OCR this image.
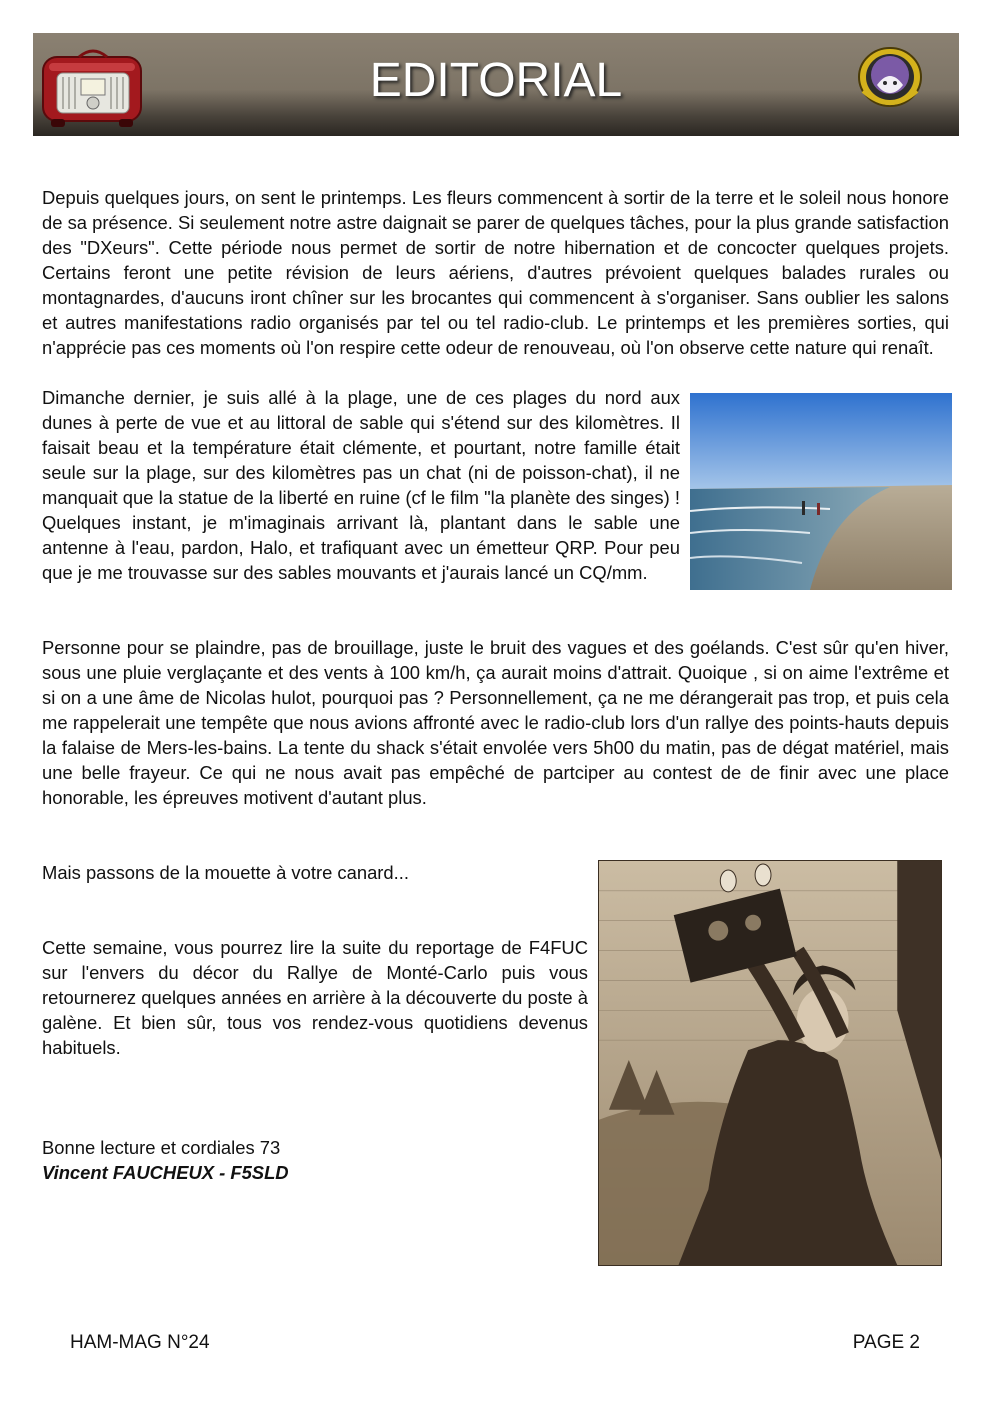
EDITORIAL

Depuis quelques jours, on sent le printemps. Les fleurs commencent à sortir de la terre et le soleil nous honore de sa présence. Si seulement notre astre daignait se parer de quelques tâches, pour la plus grande satisfaction des "DXeurs". Cette période nous permet de sortir de notre hibernation et de concocter quelques projets. Certains feront une petite révision de leurs aériens, d'autres prévoient quelques balades rurales ou montagnardes, d'aucuns iront chîner sur les brocantes qui commencent à s'organiser. Sans oublier les salons et autres manifestations radio organisés par tel ou tel radio-club. Le printemps et les premières sorties, qui n'apprécie pas ces moments où l'on respire cette odeur de renouveau, où l'on observe cette nature qui renaît.

Dimanche dernier, je suis allé à la plage, une de ces plages du nord aux dunes à perte de vue et au littoral de sable qui s'étend sur des kilomètres. Il faisait beau et la température était clémente, et pourtant, notre famille était seule sur la plage, sur des kilomètres pas un chat (ni de poisson-chat), il ne manquait que la statue de la liberté en ruine (cf le film "la planète des singes) ! Quelques instant, je m'imaginais arrivant là, plantant dans le sable une antenne à l'eau, pardon, Halo, et trafiquant avec un émetteur QRP. Pour peu que je me trouvasse sur des sables mouvants et j'aurais lancé un CQ/mm.

Personne pour se plaindre, pas de brouillage, juste le bruit des vagues et des goélands. C'est sûr qu'en hiver, sous une pluie verglaçante et des vents à 100 km/h, ça aurait moins d'attrait. Quoique , si on aime l'extrême et si on a une âme de Nicolas hulot, pourquoi pas ? Personnellement, ça ne me dérangerait pas trop, et puis cela me rappelerait une tempête que nous avions affronté avec le radio-club lors d'un rallye des points-hauts depuis la falaise de Mers-les-bains. La tente du shack s'était envolée vers 5h00 du matin, pas de dégat matériel, mais une belle frayeur. Ce qui ne nous avait pas empêché de partciper au contest de de finir avec une place honorable, les épreuves motivent d'autant plus.

Mais passons de la mouette à votre canard...

Cette semaine, vous pourrez lire la suite du reportage de F4FUC sur l'envers du décor du Rallye de Monté-Carlo puis vous retournerez quelques années en arrière à la découverte du poste à galène. Et bien sûr, tous vos rendez-vous quotidiens devenus habituels.

Bonne lecture et cordiales 73
Vincent FAUCHEUX - F5SLD
HAM-MAG N°24	PAGE 2
